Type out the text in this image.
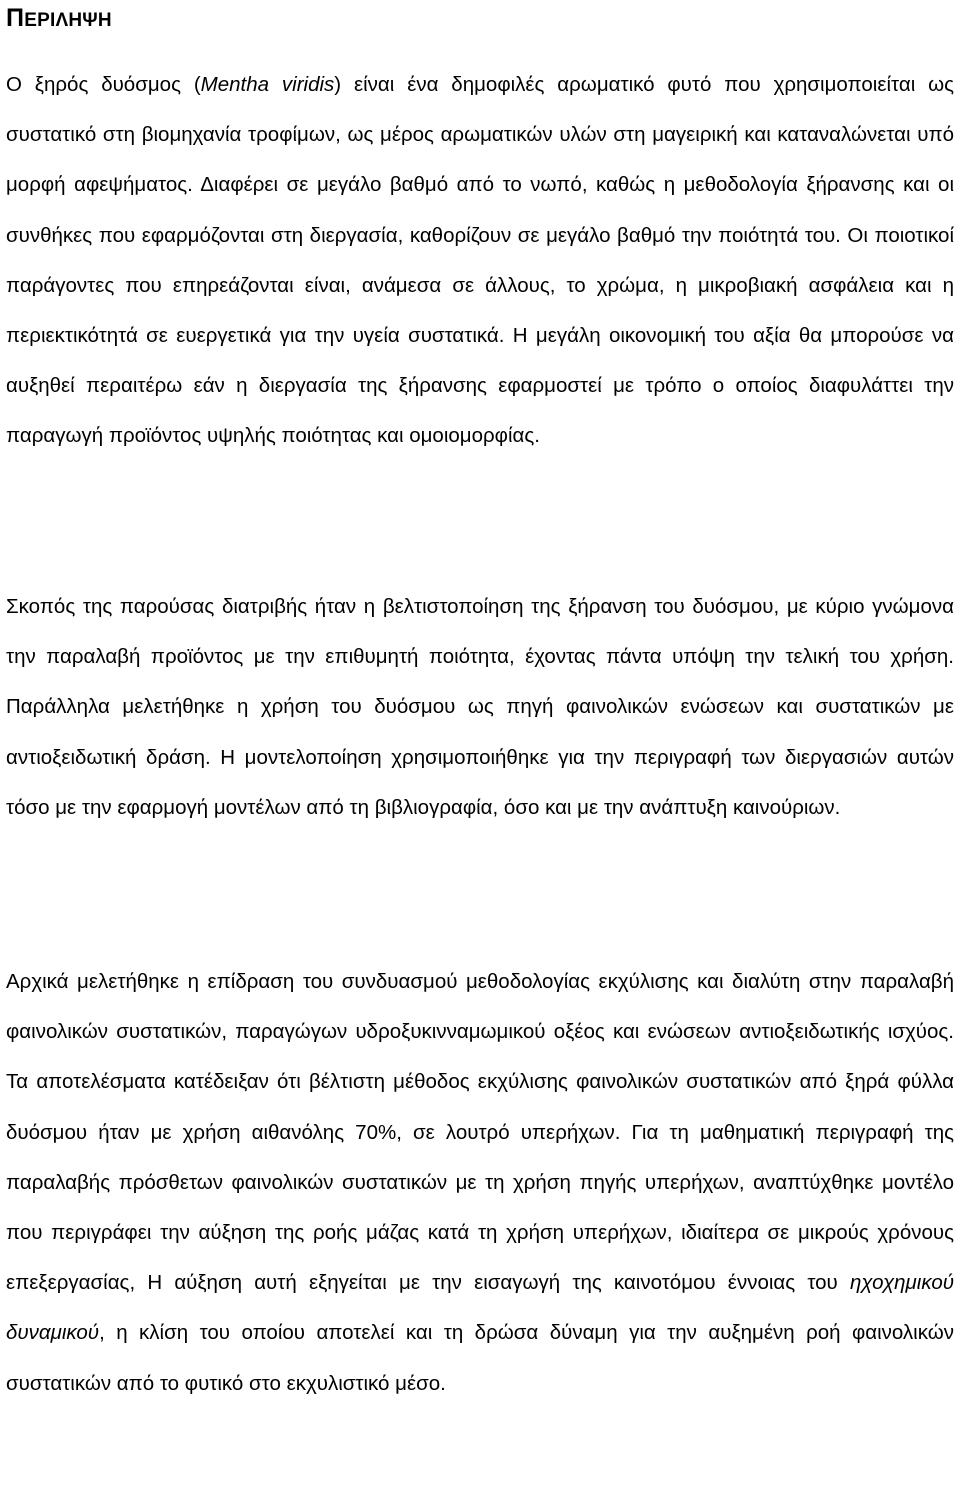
ΠΕΡΙΛΗΨΗ

Ο ξηρός δυόσμος (Mentha viridis) είναι ένα δημοφιλές αρωματικό φυτό που χρησιμοποιείται ως συστατικό στη βιομηχανία τροφίμων, ως μέρος αρωματικών υλών στη μαγειρική και καταναλώνεται υπό μορφή αφεψήματος. Διαφέρει σε μεγάλο βαθμό από το νωπό, καθώς η μεθοδολογία ξήρανσης και οι συνθήκες που εφαρμόζονται στη διεργασία, καθορίζουν σε μεγάλο βαθμό την ποιότητά του. Οι ποιοτικοί παράγοντες που επηρεάζονται είναι, ανάμεσα σε άλλους, το χρώμα, η μικροβιακή ασφάλεια και η περιεκτικότητά σε ευεργετικά για την υγεία συστατικά. Η μεγάλη οικονομική του αξία θα μπορούσε να αυξηθεί περαιτέρω εάν η διεργασία της ξήρανσης εφαρμοστεί με τρόπο ο οποίος διαφυλάττει την παραγωγή προϊόντος υψηλής ποιότητας και ομοιομορφίας.

Σκοπός της παρούσας διατριβής ήταν η βελτιστοποίηση της ξήρανση του δυόσμου, με κύριο γνώμονα την παραλαβή προϊόντος με την επιθυμητή ποιότητα, έχοντας πάντα υπόψη την τελική του χρήση. Παράλληλα μελετήθηκε η χρήση του δυόσμου ως πηγή φαινολικών ενώσεων και συστατικών με αντιοξειδωτική δράση. Η μοντελοποίηση χρησιμοποιήθηκε για την περιγραφή των διεργασιών αυτών τόσο με την εφαρμογή μοντέλων από τη βιβλιογραφία, όσο και με την ανάπτυξη καινούριων.

Αρχικά μελετήθηκε η επίδραση του συνδυασμού μεθοδολογίας εκχύλισης και διαλύτη στην παραλαβή φαινολικών συστατικών, παραγώγων υδροξυκινναμωμικού οξέος και ενώσεων αντιοξειδωτικής ισχύος. Τα αποτελέσματα κατέδειξαν ότι βέλτιστη μέθοδος εκχύλισης φαινολικών συστατικών από ξηρά φύλλα δυόσμου ήταν με χρήση αιθανόλης 70%, σε λουτρό υπερήχων. Για τη μαθηματική περιγραφή της παραλαβής πρόσθετων φαινολικών συστατικών με τη χρήση πηγής υπερήχων, αναπτύχθηκε μοντέλο που περιγράφει την αύξηση της ροής μάζας κατά τη χρήση υπερήχων, ιδιαίτερα σε μικρούς χρόνους επεξεργασίας, Η αύξηση αυτή εξηγείται με την εισαγωγή της καινοτόμου έννοιας του ηχοχημικού δυναμικού, η κλίση του οποίου αποτελεί και τη δρώσα δύναμη για την αυξημένη ροή φαινολικών συστατικών από το φυτικό στο εκχυλιστικό μέσο.
